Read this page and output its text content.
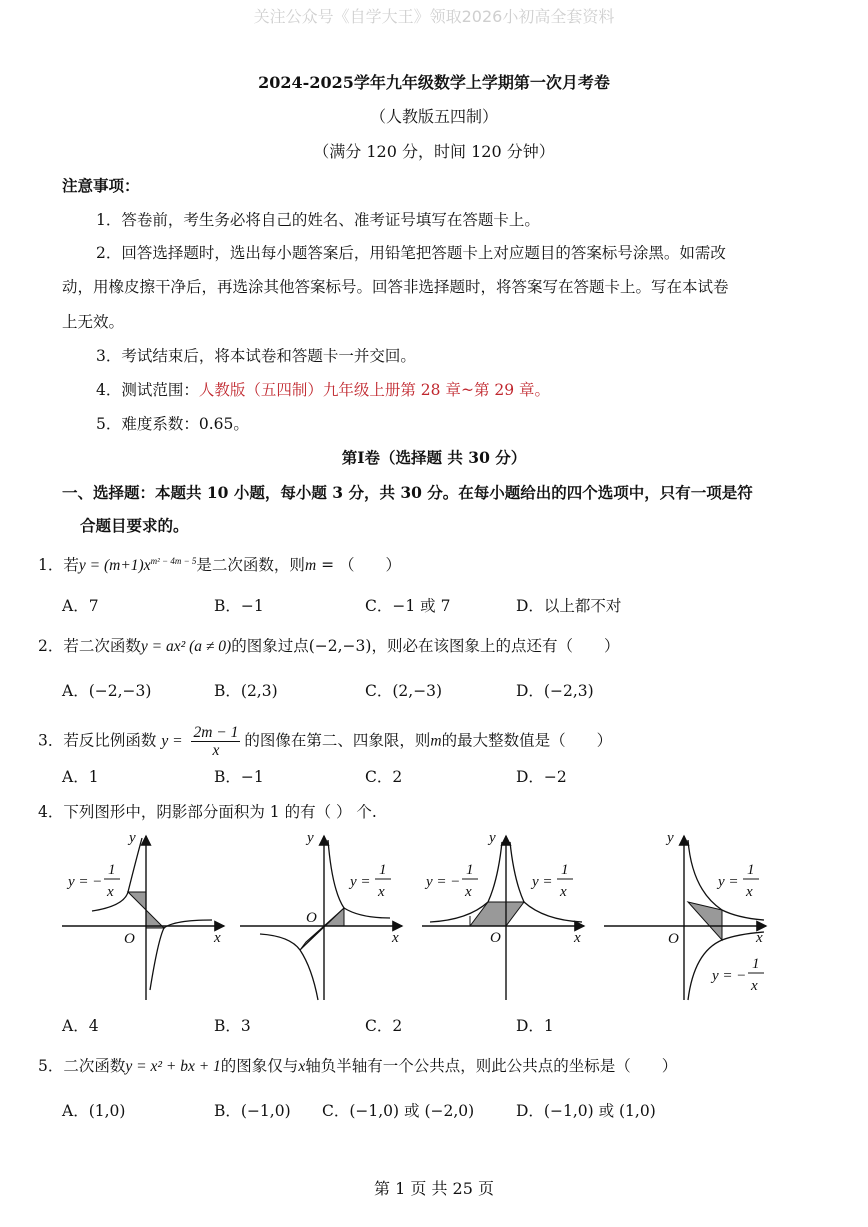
关注公众号《自学大王》领取2026小初高全套资料
2024-2025学年九年级数学上学期第一次月考卷
（人教版五四制）
（满分 120 分，时间 120 分钟）
注意事项：
1．答卷前，考生务必将自己的姓名、准考证号填写在答题卡上。
2．回答选择题时，选出每小题答案后，用铅笔把答题卡上对应题目的答案标号涂黑。如需改
动，用橡皮擦干净后，再选涂其他答案标号。回答非选择题时，将答案写在答题卡上。写在本试卷
上无效。
3．考试结束后，将本试卷和答题卡一并交回。
4．测试范围：人教版（五四制）九年级上册第 28 章~第 29 章。
5．难度系数：0.65。
第Ⅰ卷（选择题 共 30 分）
一、选择题：本题共 10 小题，每小题 3 分，共 30 分。在每小题给出的四个选项中，只有一项是符
合题目要求的。
1．若$y = (m+1)x^{m^2 - 4m - 5}$是二次函数，则m = （　　）
A．7	B．−1	C．−1 或 7	D．以上都不对
2．若二次函数y = ax² (a ≠ 0)的图象过点(−2,−3)，则必在该图象上的点还有（　　）
A．(−2,−3)	B．(2,3)	C．(2,−3)	D．(−2,3)
3．若反比例函数 $y = \frac{2m - 1}{x}$ 的图像在第二、四象限，则m的最大整数值是（　　）
A．1	B．−1	C．2	D．−2
4．下列图形中，阴影部分面积为 1 的有（ ） 个.
y
x
O
y = −
1
x
y
x
O
y =
1
x
y
x
O
y = −
1
x
y =
1
x
y
x
O
y =
1
x
y = −
1
x
A．4	B．3	C．2	D．1
5．二次函数y = x² + bx + 1的图象仅与x轴负半轴有一个公共点，则此公共点的坐标是（　　）
A．(1,0)	B．(−1,0) C．(−1,0) 或 (−2,0)	D．(−1,0) 或 (1,0)
第 1 页 共 25 页
